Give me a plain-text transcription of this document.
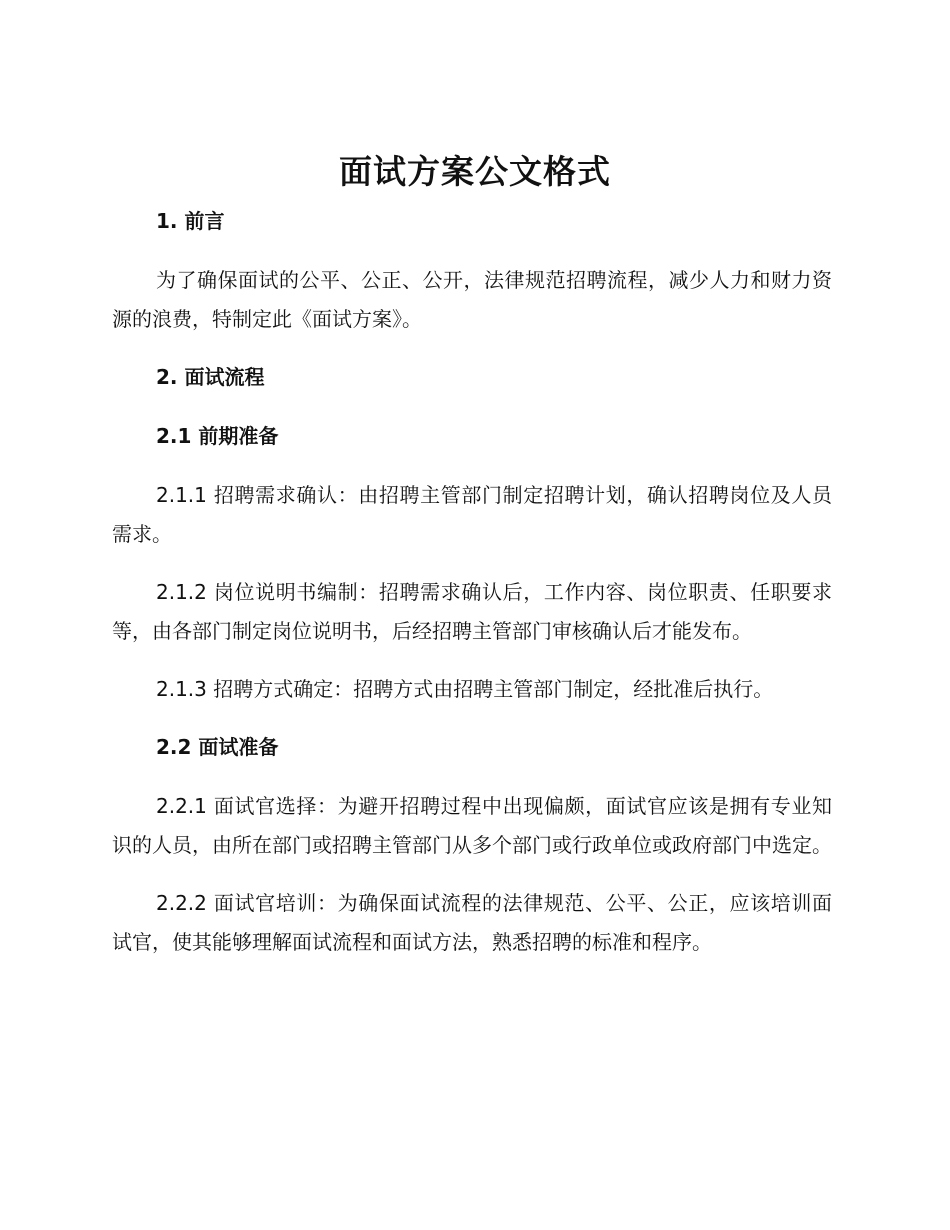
面试方案公文格式

1. 前言

为了确保面试的公平、公正、公开，法律规范招聘流程，减少人力和财力资源的浪费，特制定此《面试方案》。

2. 面试流程

2.1 前期准备

2.1.1 招聘需求确认：由招聘主管部门制定招聘计划，确认招聘岗位及人员需求。

2.1.2 岗位说明书编制：招聘需求确认后，工作内容、岗位职责、任职要求等，由各部门制定岗位说明书，后经招聘主管部门审核确认后才能发布。

2.1.3 招聘方式确定：招聘方式由招聘主管部门制定，经批准后执行。

2.2 面试准备

2.2.1 面试官选择：为避开招聘过程中出现偏颇，面试官应该是拥有专业知识的人员，由所在部门或招聘主管部门从多个部门或行政单位或政府部门中选定。

2.2.2 面试官培训：为确保面试流程的法律规范、公平、公正，应该培训面试官，使其能够理解面试流程和面试方法，熟悉招聘的标准和程序。
